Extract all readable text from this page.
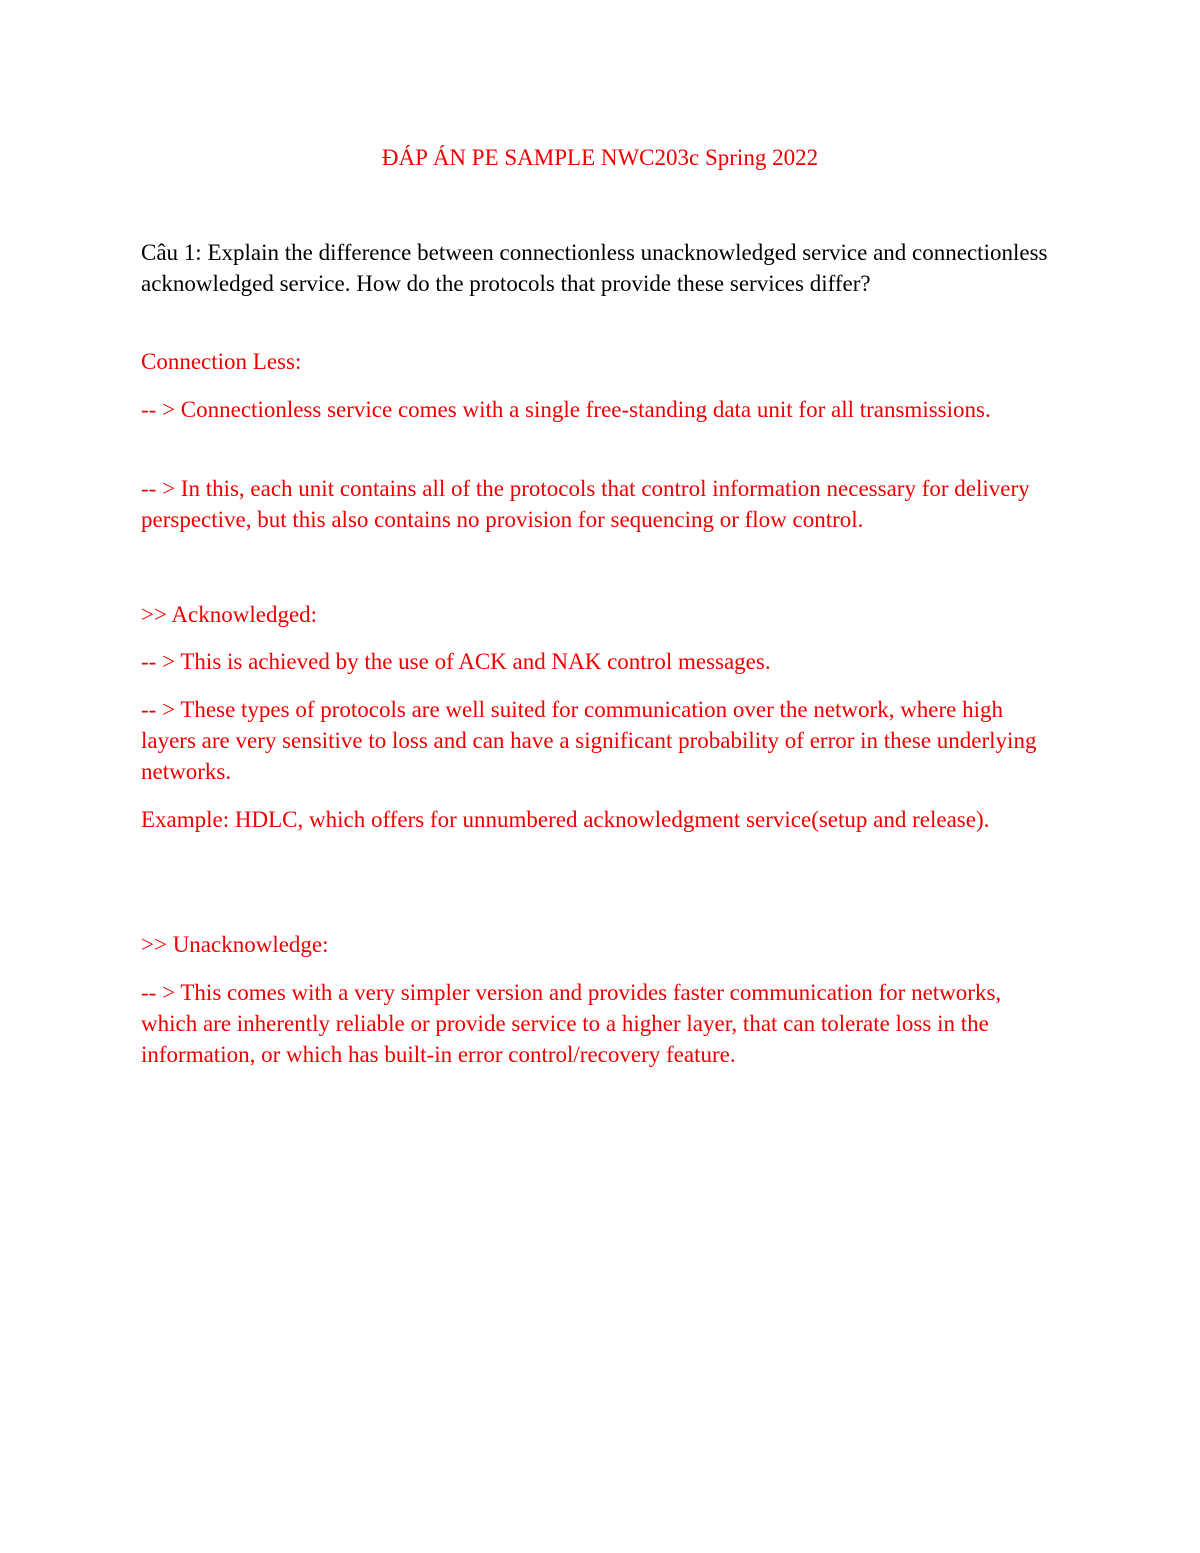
ĐÁP ÁN PE SAMPLE NWC203c Spring 2022

Câu 1: Explain the difference between connectionless unacknowledged service and connectionless acknowledged service. How do the protocols that provide these services differ?

Connection Less:

-- > Connectionless service comes with a single free-standing data unit for all transmissions.

-- > In this, each unit contains all of the protocols that control information necessary for delivery perspective, but this also contains no provision for sequencing or flow control.

>> Acknowledged:

-- > This is achieved by the use of ACK and NAK control messages.

-- > These types of protocols are well suited for communication over the network, where high layers are very sensitive to loss and can have a significant probability of error in these underlying networks.

Example: HDLC, which offers for unnumbered acknowledgment service(setup and release).

>> Unacknowledge:

-- > This comes with a very simpler version and provides faster communication for networks, which are inherently reliable or provide service to a higher layer, that can tolerate loss in the information, or which has built-in error control/recovery feature.
